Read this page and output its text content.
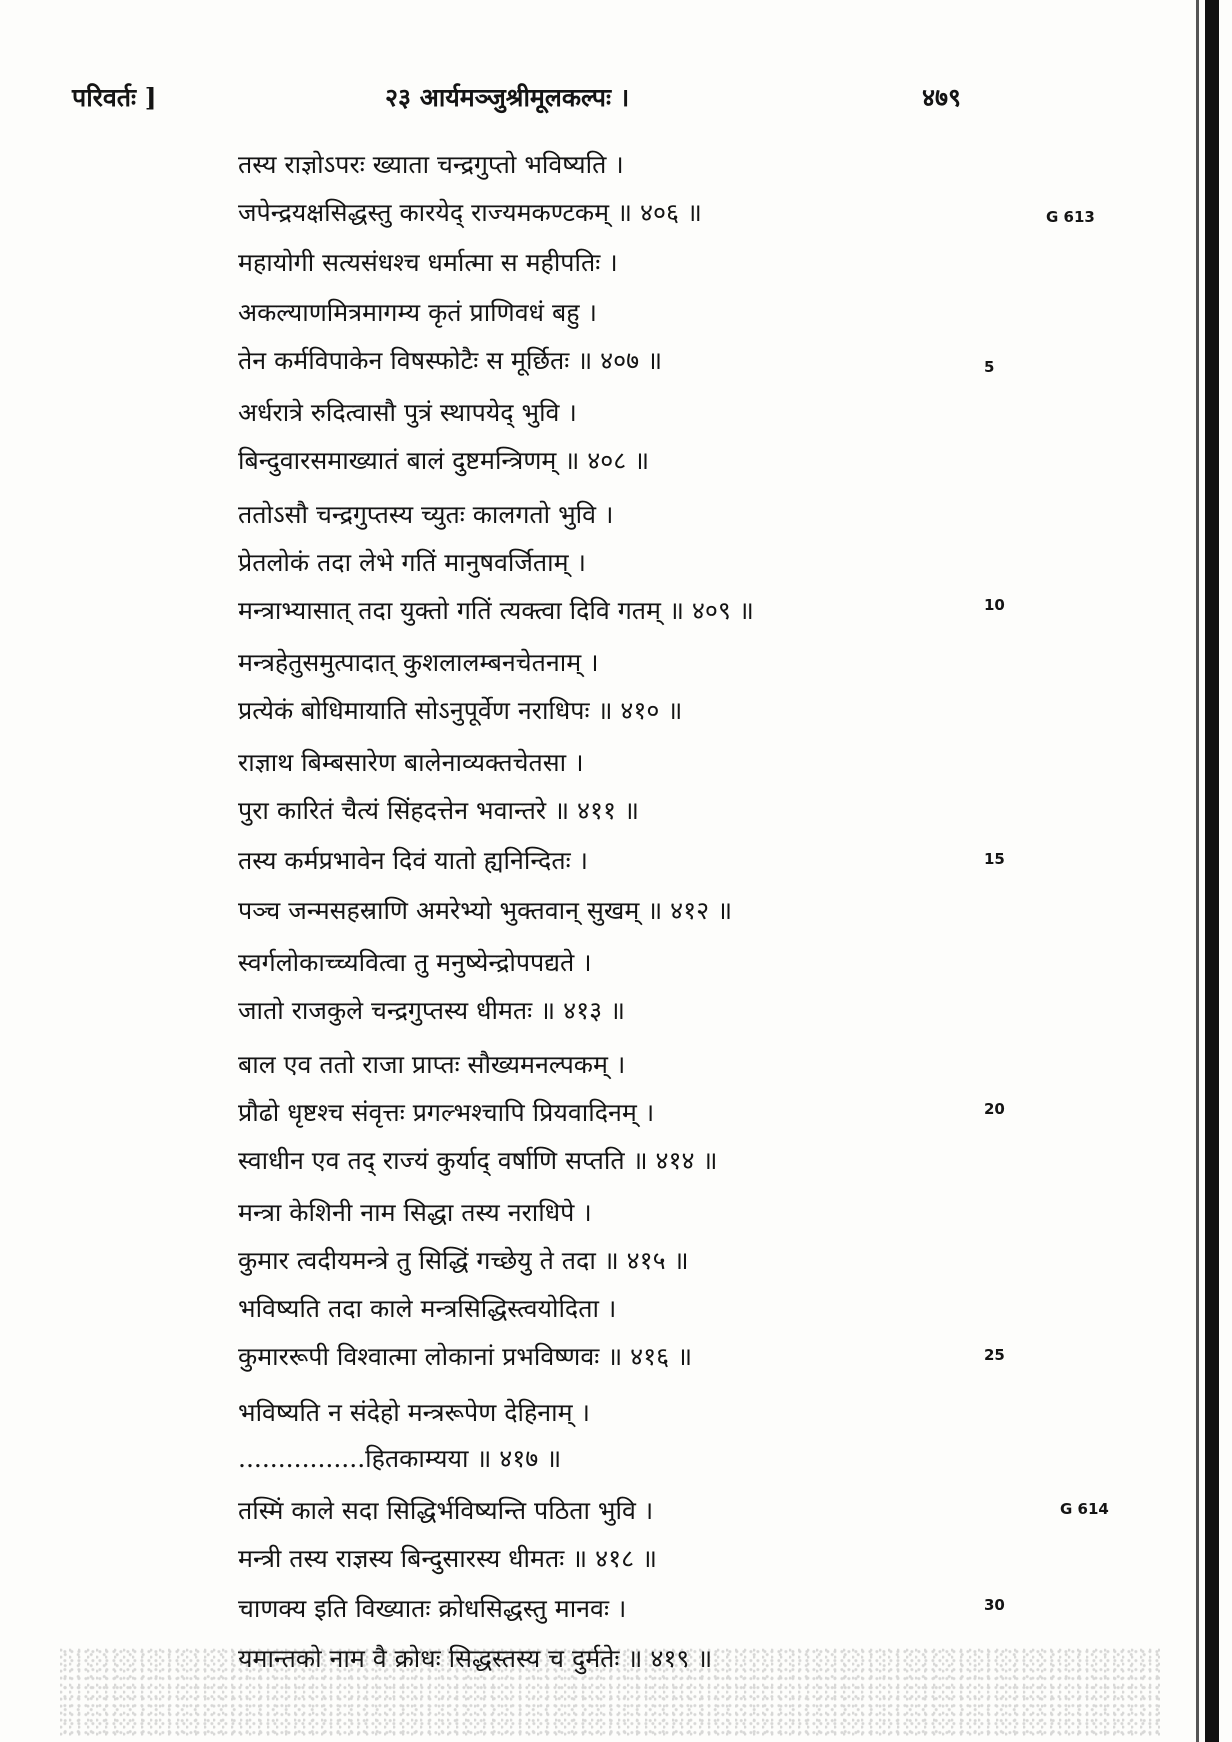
परिवर्तः ]	२३ आर्यमञ्जुश्रीमूलकल्पः ।	४७९
तस्य राज्ञोऽपरः ख्याता चन्द्रगुप्तो भविष्यति ।
जपेन्द्रयक्षसिद्धस्तु कारयेद् राज्यमकण्टकम् ॥ ४०६ ॥
महायोगी सत्यसंधश्च धर्मात्मा स महीपतिः ।
अकल्याणमित्रमागम्य कृतं प्राणिवधं बहु ।
तेन कर्मविपाकेन विषस्फोटैः स मूर्छितः ॥ ४०७ ॥
अर्धरात्रे रुदित्वासौ पुत्रं स्थापयेद् भुवि ।
बिन्दुवारसमाख्यातं बालं दुष्टमन्त्रिणम् ॥ ४०८ ॥
ततोऽसौ चन्द्रगुप्तस्य च्युतः कालगतो भुवि ।
प्रेतलोकं तदा लेभे गतिं मानुषवर्जिताम् ।
मन्त्राभ्यासात् तदा युक्तो गतिं त्यक्त्वा दिवि गतम् ॥ ४०९ ॥
मन्त्रहेतुसमुत्पादात् कुशलालम्बनचेतनाम् ।
प्रत्येकं बोधिमायाति सोऽनुपूर्वेण नराधिपः ॥ ४१० ॥
राज्ञाथ बिम्बसारेण बालेनाव्यक्तचेतसा ।
पुरा कारितं चैत्यं सिंहदत्तेन भवान्तरे ॥ ४११ ॥
तस्य कर्मप्रभावेन दिवं यातो ह्यनिन्दितः ।
पञ्च जन्मसहस्राणि अमरेभ्यो भुक्तवान् सुखम् ॥ ४१२ ॥
स्वर्गलोकाच्च्यवित्वा तु मनुष्येन्द्रोपपद्यते ।
जातो राजकुले चन्द्रगुप्तस्य धीमतः ॥ ४१३ ॥
बाल एव ततो राजा प्राप्तः सौख्यमनल्पकम् ।
प्रौढो धृष्टश्च संवृत्तः प्रगल्भश्चापि प्रियवादिनम् ।
स्वाधीन एव तद् राज्यं कुर्याद् वर्षाणि सप्तति ॥ ४१४ ॥
मन्त्रा केशिनी नाम सिद्धा तस्य नराधिपे ।
कुमार त्वदीयमन्त्रे तु सिद्धिं गच्छेयु ते तदा ॥ ४१५ ॥
भविष्यति तदा काले मन्त्रसिद्धिस्त्वयोदिता ।
कुमाररूपी विश्वात्मा लोकानां प्रभविष्णवः ॥ ४१६ ॥
भविष्यति न संदेहो मन्त्ररूपेण देहिनाम् ।
................हितकाम्यया ॥ ४१७ ॥
तस्मिं काले सदा सिद्धिर्भविष्यन्ति पठिता भुवि ।
मन्त्री तस्य राज्ञस्य बिन्दुसारस्य धीमतः ॥ ४१८ ॥
चाणक्य इति विख्यातः क्रोधसिद्धस्तु मानवः ।
यमान्तको नाम वै क्रोधः सिद्धस्तस्य च दुर्मतेः ॥ ४१९ ॥
G 613
G 614
5
10
15
20
25
30
